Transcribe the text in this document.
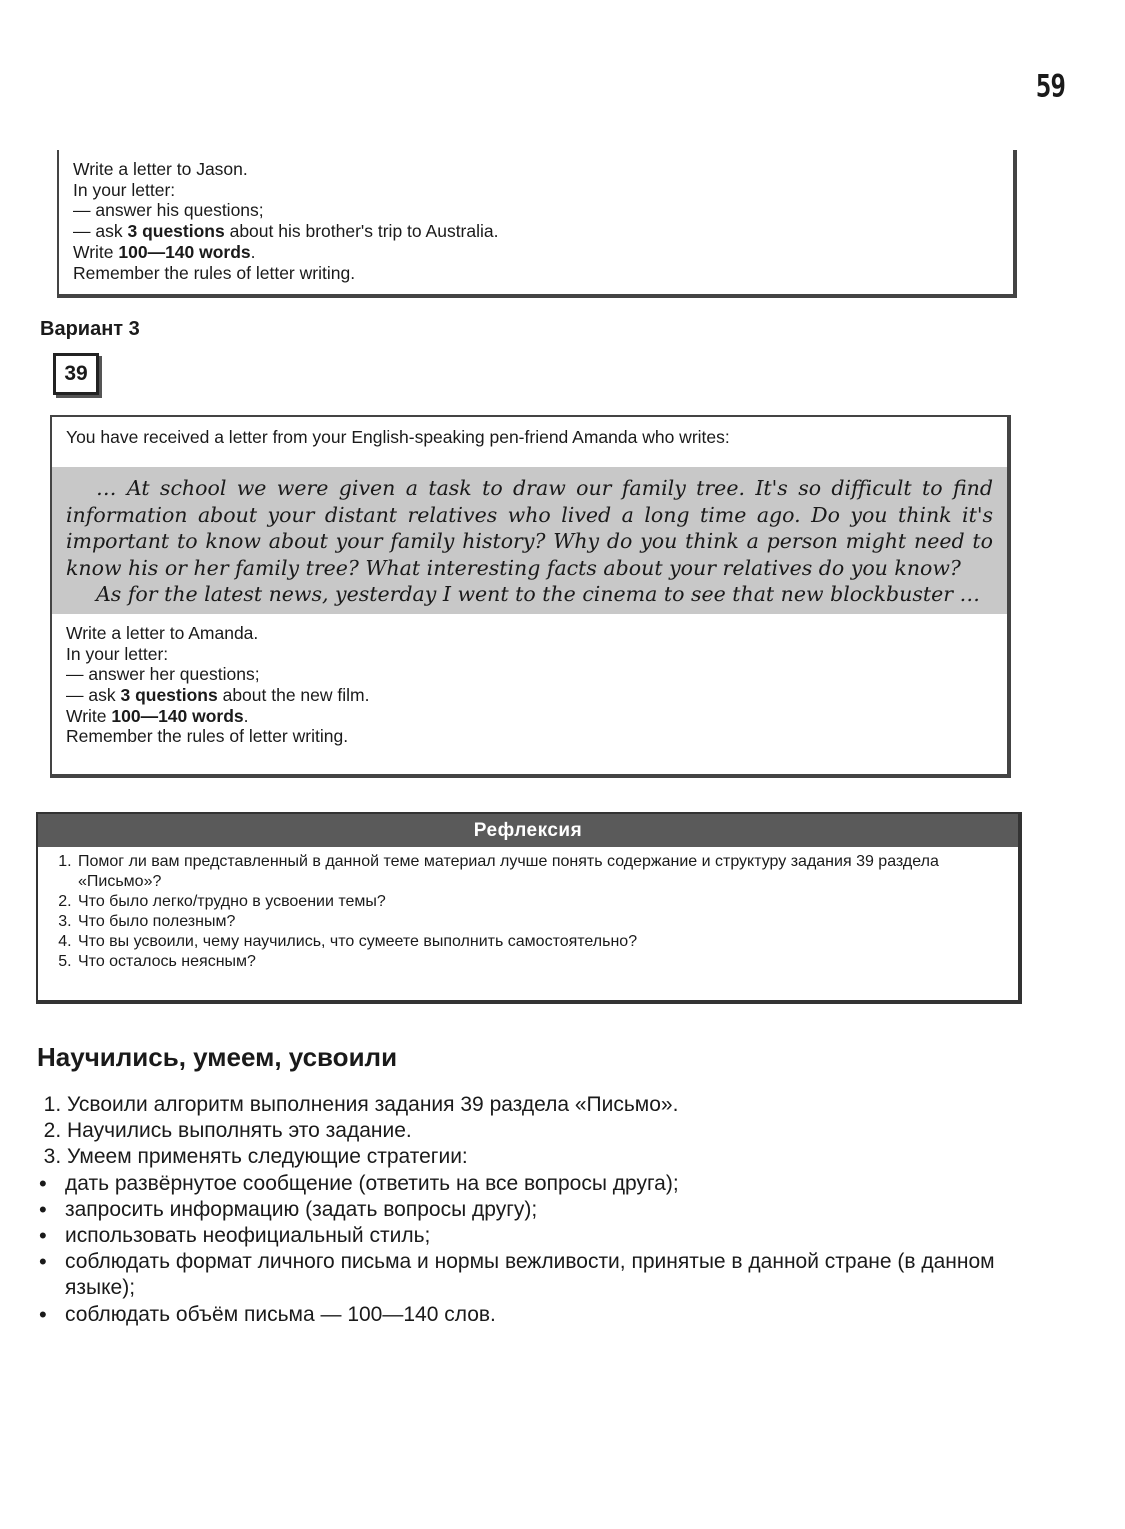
59
Write a letter to Jason.
In your letter:
— answer his questions;
— ask 3 questions about his brother's trip to Australia.
Write 100—140 words.
Remember the rules of letter writing.
Вариант 3
39
You have received a letter from your English-speaking pen-friend Amanda who writes:

… At school we were given a task to draw our family tree. It's so difficult to find information about your distant relatives who lived a long time ago. Do you think it's important to know about your family history? Why do you think a person might need to know his or her family tree? What interesting facts about your relatives do you know?

As for the latest news, yesterday I went to the cinema to see that new blockbuster …

Write a letter to Amanda.
In your letter:
— answer her questions;
— ask 3 questions about the new film.
Write 100—140 words.
Remember the rules of letter writing.
Рефлексия
1. Помог ли вам представленный в данной теме материал лучше понять содержание и структуру задания 39 раздела «Письмо»?
2. Что было легко/трудно в усвоении темы?
3. Что было полезным?
4. Что вы усвоили, чему научились, что сумеете выполнить самостоятельно?
5. Что осталось неясным?
Научились, умеем, усвоили
1. Усвоили алгоритм выполнения задания 39 раздела «Письмо».
2. Научились выполнять это задание.
3. Умеем применять следующие стратегии:
• дать развёрнутое сообщение (ответить на все вопросы друга);
• запросить информацию (задать вопросы другу);
• использовать неофициальный стиль;
• соблюдать формат личного письма и нормы вежливости, принятые в данной стране (в данном языке);
• соблюдать объём письма — 100—140 слов.
